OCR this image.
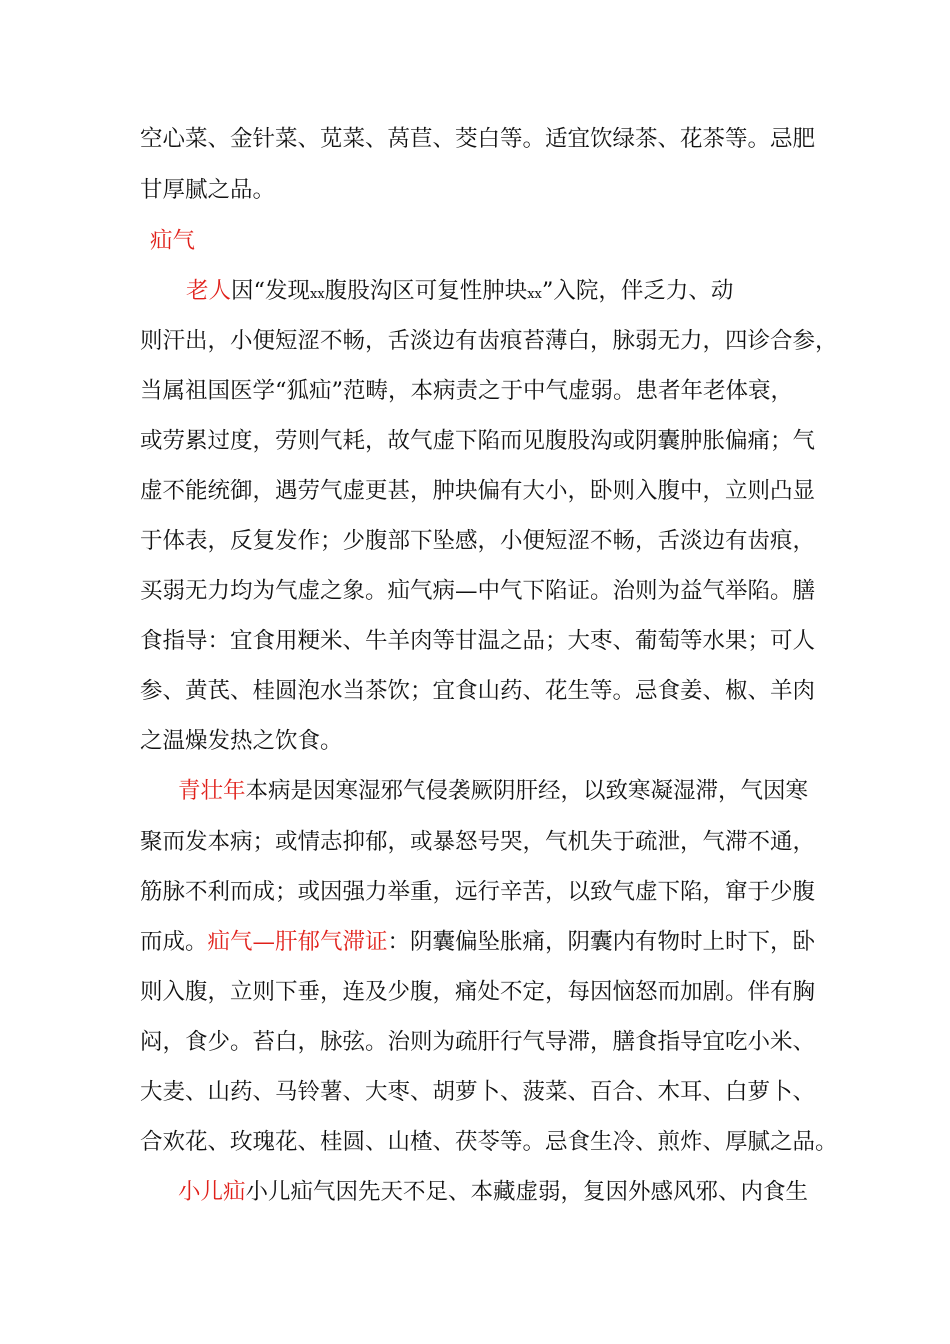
空心菜、金针菜、苋菜、莴苣、茭白等。适宜饮绿茶、花茶等。忌肥
甘厚腻之品。
疝气
老人因“发现xx腹股沟区可复性肿块xx”入院，伴乏力、动
则汗出，小便短涩不畅，舌淡边有齿痕苔薄白，脉弱无力，四诊合参，
当属祖国医学“狐疝”范畴，本病责之于中气虚弱。患者年老体衰，
或劳累过度，劳则气耗，故气虚下陷而见腹股沟或阴囊肿胀偏痛；气
虚不能统御，遇劳气虚更甚，肿块偏有大小，卧则入腹中，立则凸显
于体表，反复发作；少腹部下坠感，小便短涩不畅，舌淡边有齿痕，
买弱无力均为气虚之象。疝气病—中气下陷证。治则为益气举陷。膳
食指导：宜食用粳米、牛羊肉等甘温之品；大枣、葡萄等水果；可人
参、黄芪、桂圆泡水当茶饮；宜食山药、花生等。忌食姜、椒、羊肉
之温燥发热之饮食。
青壮年本病是因寒湿邪气侵袭厥阴肝经，以致寒凝湿滞，气因寒
聚而发本病；或情志抑郁，或暴怒号哭，气机失于疏泄，气滞不通，
筋脉不利而成；或因强力举重，远行辛苦，以致气虚下陷，窜于少腹
而成。疝气—肝郁气滞证：阴囊偏坠胀痛，阴囊内有物时上时下，卧
则入腹，立则下垂，连及少腹，痛处不定，每因恼怒而加剧。伴有胸
闷，食少。苔白，脉弦。治则为疏肝行气导滞，膳食指导宜吃小米、
大麦、山药、马铃薯、大枣、胡萝卜、菠菜、百合、木耳、白萝卜、
合欢花、玫瑰花、桂圆、山楂、茯苓等。忌食生冷、煎炸、厚腻之品。
小儿疝小儿疝气因先天不足、本藏虚弱，复因外感风邪、内食生
